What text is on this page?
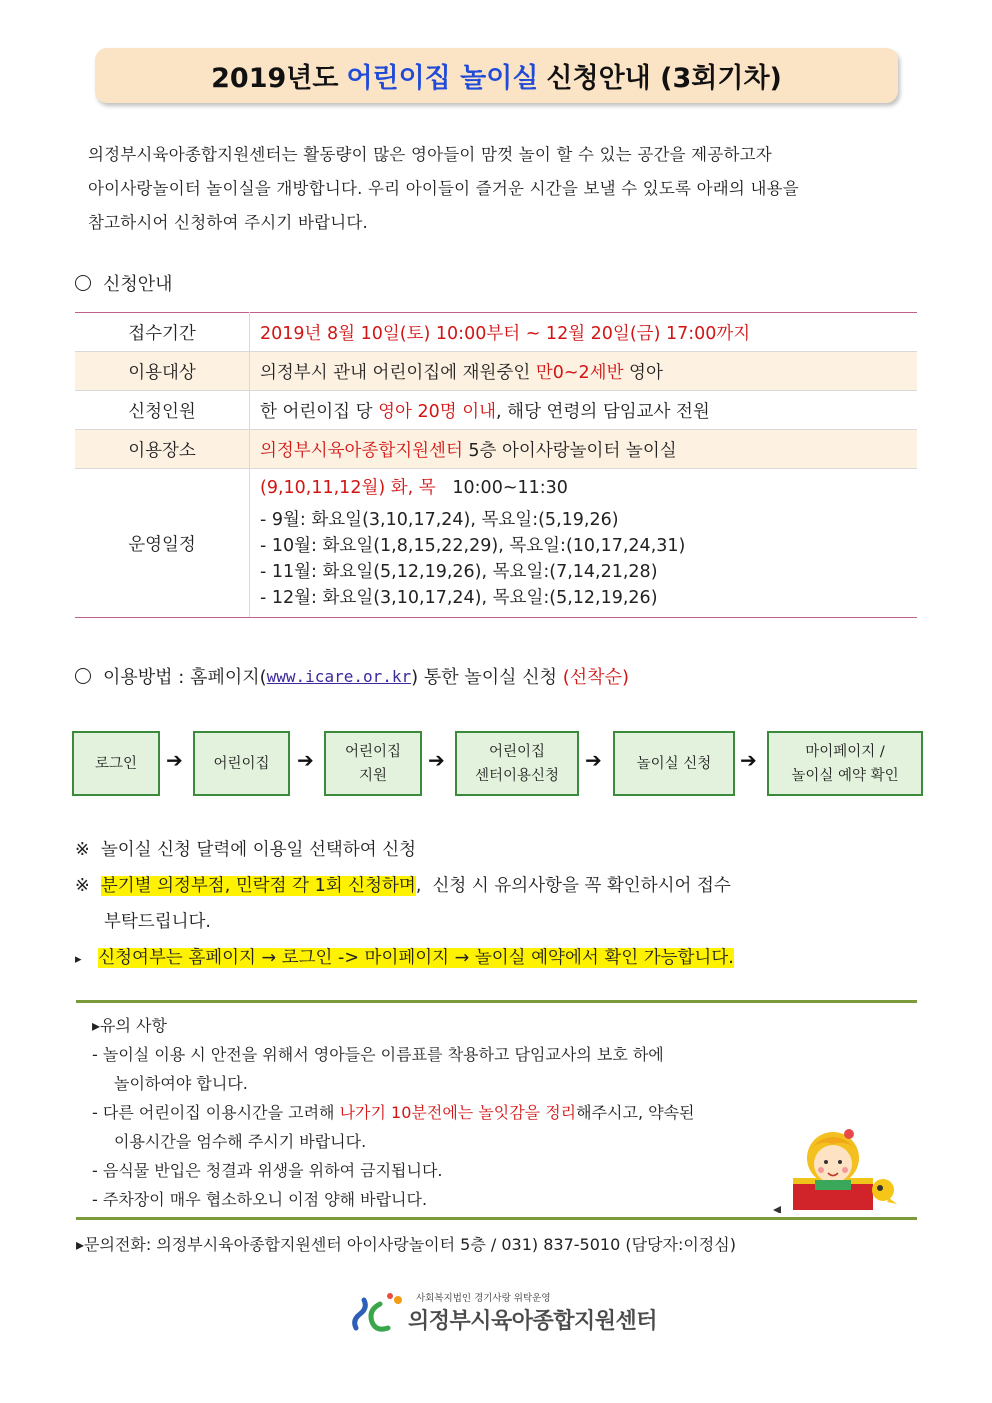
2019년도 어린이집 놀이실 신청안내 (3회기차)
의정부시육아종합지원센터는 활동량이 많은 영아들이 맘껏 놀이 할 수 있는 공간을 제공하고자
아이사랑놀이터 놀이실을 개방합니다. 우리 아이들이 즐거운 시간을 보낼 수 있도록 아래의 내용을
참고하시어 신청하여 주시기 바랍니다.
신청안내
접수기간	2019년 8월 10일(토) 10:00부터 ~ 12월 20일(금) 17:00까지
이용대상	의정부시 관내 어린이집에 재원중인 만0~2세반 영아
신청인원	한 어린이집 당 영아 20명 이내, 해당 연령의 담임교사 전원
이용장소	의정부시육아종합지원센터 5층 아이사랑놀이터 놀이실
운영일정	(9,10,11,12월) 화, 목 10:00~11:30
- 9월: 화요일(3,10,17,24), 목요일:(5,19,26)
- 10월: 화요일(1,8,15,22,29), 목요일:(10,17,24,31)
- 11월: 화요일(5,12,19,26), 목요일:(7,14,21,28)
- 12월: 화요일(3,10,17,24), 목요일:(5,12,19,26)
이용방법 : 홈페이지( www.icare.or.kr ) 통한 놀이실 신청 (선착순)
로그인 ➔ 어린이집 ➔ 어린이집
지원
➔	어린이집
센터이용신청
➔ 놀이실 신청 ➔	마이페이지 /
놀이실 예약 확인
※ 놀이실 신청 달력에 이용일 선택하여 신청
※ 분기별 의정부점, 민락점 각 1회 신청하며,  신청 시 유의사항을 꼭 확인하시어 접수
부탁드립니다.
▸ 신청여부는 홈페이지 → 로그인 -> 마이페이지 → 놀이실 예약에서 확인 가능합니다.
▸유의 사항
- 놀이실 이용 시 안전을 위해서 영아들은 이름표를 착용하고 담임교사의 보호 하에
놀이하여야 합니다.
- 다른 어린이집 이용시간을 고려해 나가기 10분전에는 놀잇감을 정리해주시고, 약속된
이용시간을 엄수해 주시기 바랍니다.
- 음식물 반입은 청결과 위생을 위하여 금지됩니다.
- 주차장이 매우 협소하오니 이점 양해 바랍니다.
▸문의전화: 의정부시육아종합지원센터 아이사랑놀이터 5층 / 031) 837-5010 (담당자:이정심)
사회복지법인 경기사랑 위탁운영
의정부시육아종합지원센터
